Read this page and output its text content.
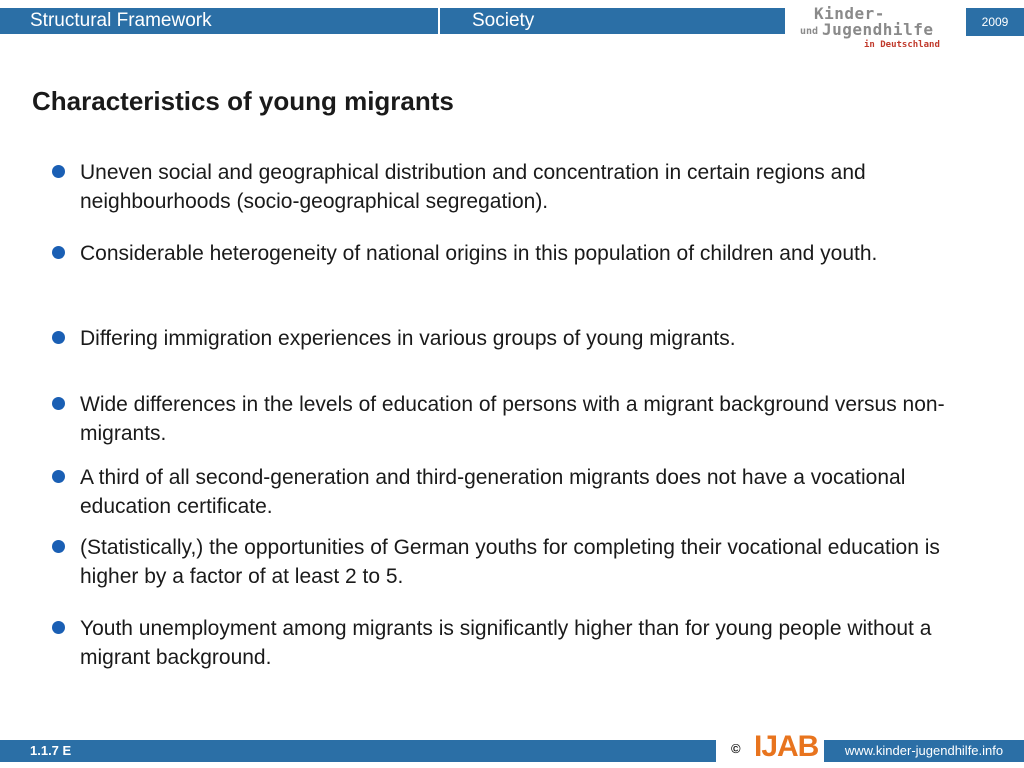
Structural Framework	Society	Kinder-
und Jugendhilfe
in Deutschland
2009
Characteristics of young migrants
Uneven social and geographical distribution and concentration in certain regions and neighbourhoods (socio-geographical segregation).
Considerable heterogeneity of national origins in this population of children and youth.
Differing immigration experiences in various groups of young migrants.
Wide differences in the levels of education of persons with a migrant background versus non-migrants.
A third of all second-generation and third-generation migrants does not have a vocational education certificate.
(Statistically,) the opportunities of German youths for completing their vocational education is higher by a factor of at least 2 to 5.
Youth unemployment among migrants is significantly higher than for young people without a migrant background.
1.1.7 E	© IJAB	www.kinder-jugendhilfe.info
